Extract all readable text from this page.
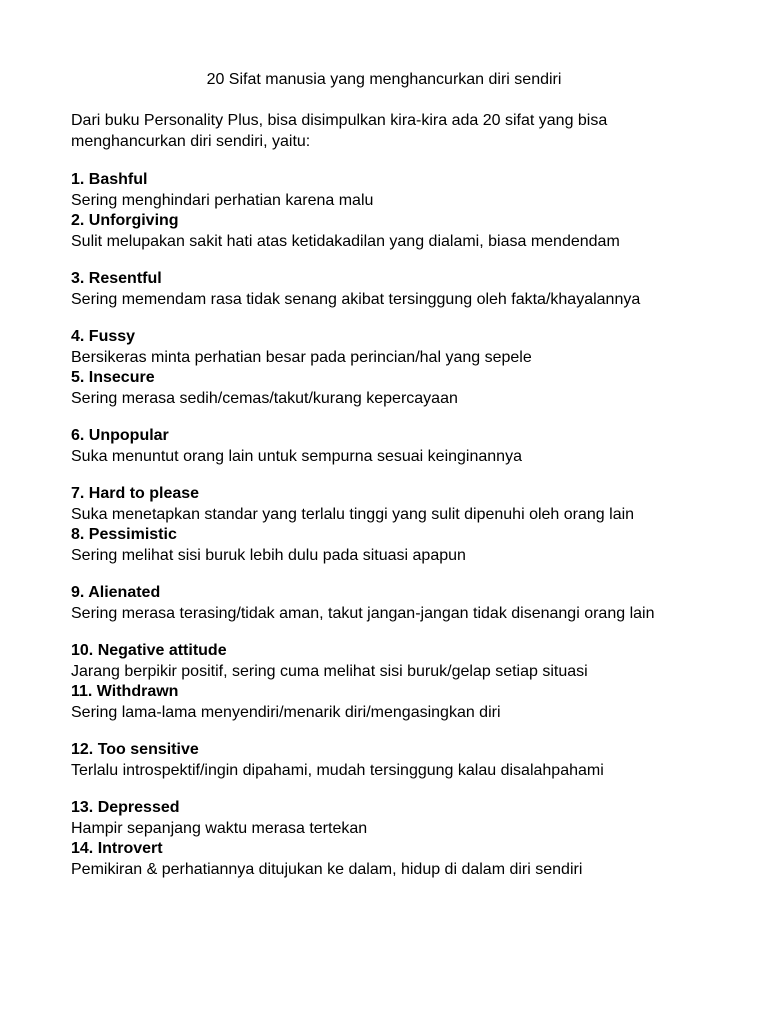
20 Sifat manusia yang menghancurkan diri sendiri
Dari buku Personality Plus, bisa disimpulkan kira-kira ada 20 sifat yang bisa menghancurkan diri sendiri, yaitu:
1. Bashful
Sering menghindari perhatian karena malu
2. Unforgiving
Sulit melupakan sakit hati atas ketidakadilan yang dialami, biasa mendendam
3. Resentful
Sering memendam rasa tidak senang akibat tersinggung oleh fakta/khayalannya
4. Fussy
Bersikeras minta perhatian besar pada perincian/hal yang sepele
5. Insecure
Sering merasa sedih/cemas/takut/kurang kepercayaan
6. Unpopular
Suka menuntut orang lain untuk sempurna sesuai keinginannya
7. Hard to please
Suka menetapkan standar yang terlalu tinggi yang sulit dipenuhi oleh orang lain
8. Pessimistic
Sering melihat sisi buruk lebih dulu pada situasi apapun
9. Alienated
Sering merasa terasing/tidak aman, takut jangan-jangan tidak disenangi orang lain
10. Negative attitude
Jarang berpikir positif, sering cuma melihat sisi buruk/gelap setiap situasi
11. Withdrawn
Sering lama-lama menyendiri/menarik diri/mengasingkan diri
12. Too sensitive
Terlalu introspektif/ingin dipahami, mudah tersinggung kalau disalahpahami
13. Depressed
Hampir sepanjang waktu merasa tertekan
14. Introvert
Pemikiran & perhatiannya ditujukan ke dalam, hidup di dalam diri sendiri
